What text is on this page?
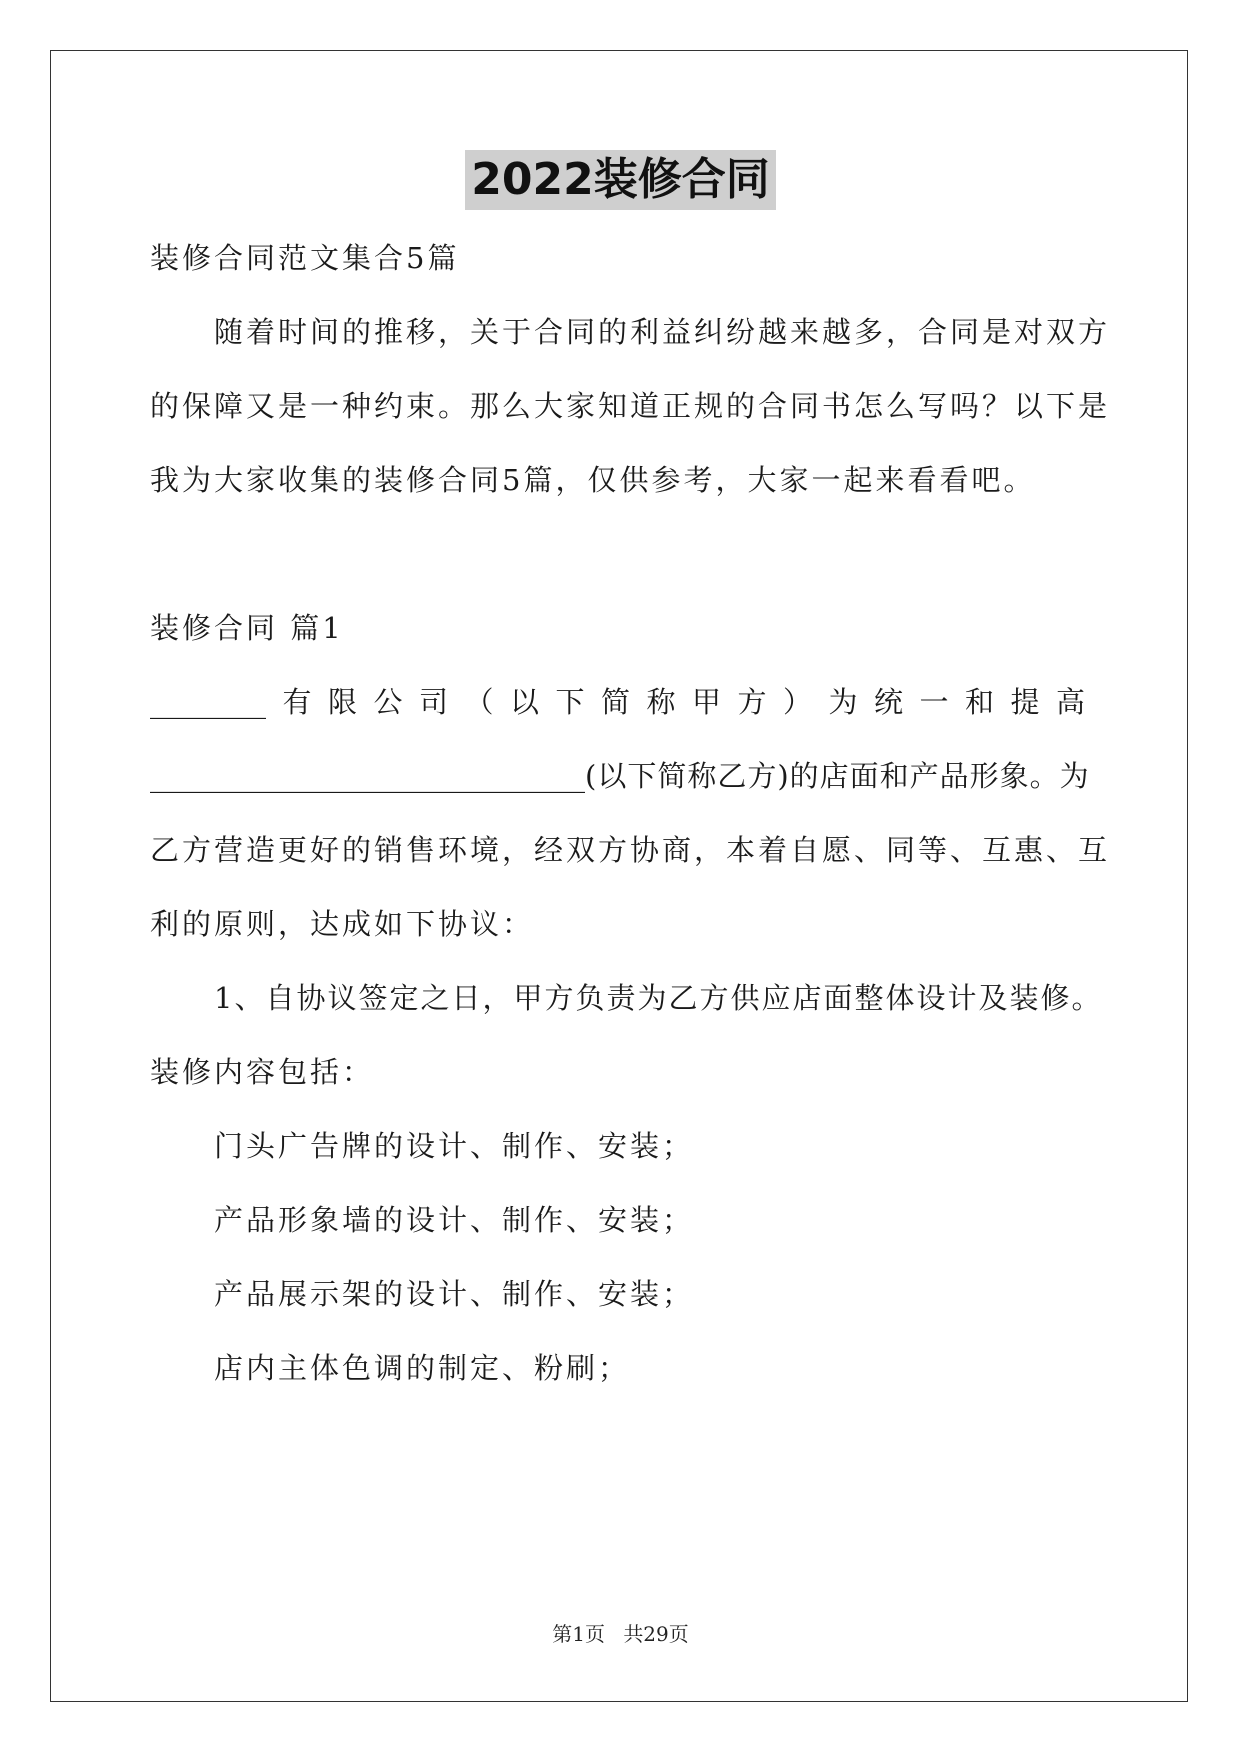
2022装修合同
装修合同范文集合5篇
随着时间的推移，关于合同的利益纠纷越来越多，合同是对双方
的保障又是一种约束。那么大家知道正规的合同书怎么写吗？以下是
我为大家收集的装修合同5篇，仅供参考，大家一起来看看吧。
装修合同 篇1
________ 有 限 公 司 （ 以 下 简 称 甲 方 ） 为 统 一 和 提 高
______________________________(以下简称乙方)的店面和产品形象。为
乙方营造更好的销售环境，经双方协商，本着自愿、同等、互惠、互
利的原则，达成如下协议：
1、自协议签定之日，甲方负责为乙方供应店面整体设计及装修。
装修内容包括：
门头广告牌的设计、制作、安装；
产品形象墙的设计、制作、安装；
产品展示架的设计、制作、安装；
店内主体色调的制定、粉刷；
第1页 共29页
